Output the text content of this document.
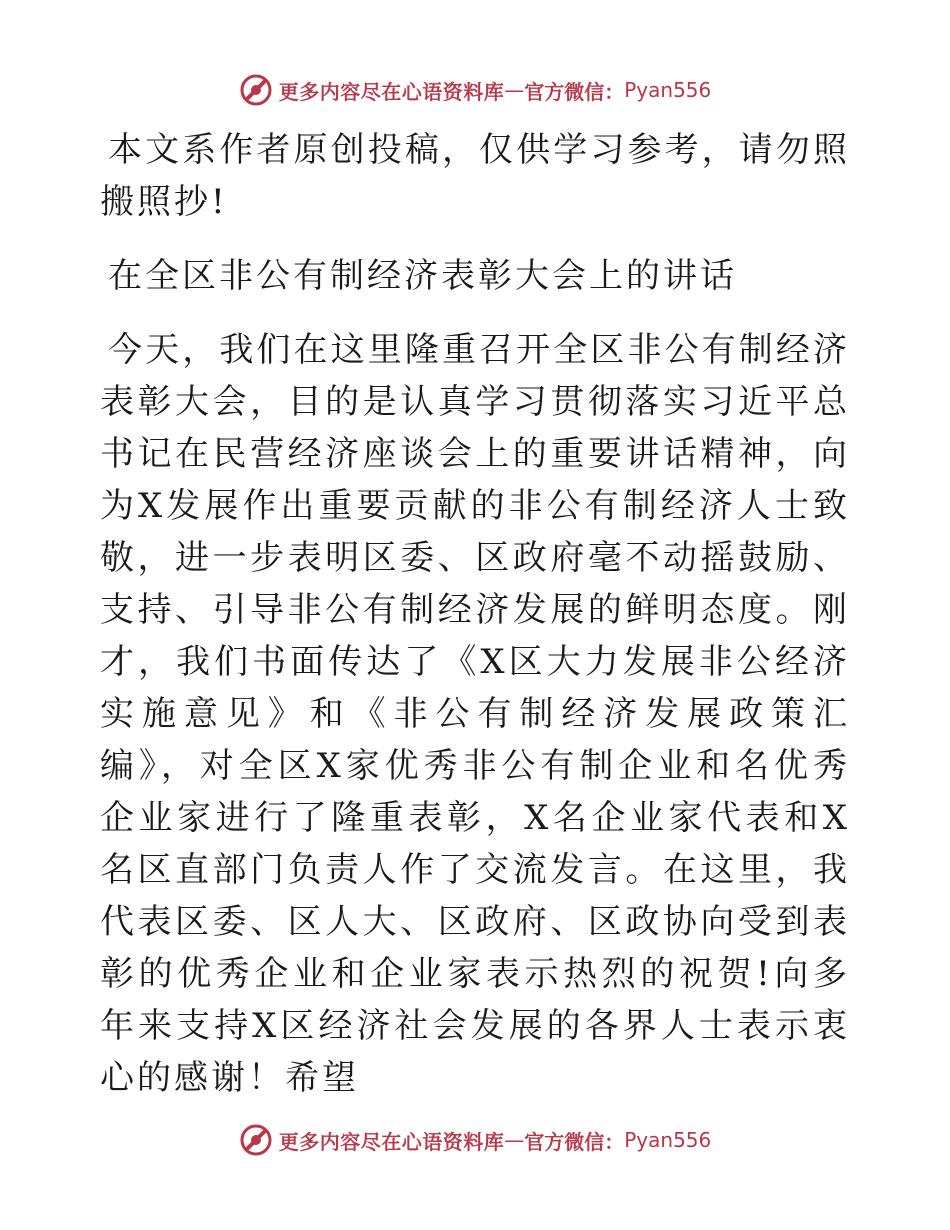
更多内容尽在心语资料库 — 官方微信： Pyan556

本文系作者原创投稿，仅供学习参考，请勿照搬照抄!

在全区非公有制经济表彰大会上的讲话

今天，我们在这里隆重召开全区非公有制经济表彰大会，目的是认真学习贯彻落实习近平总书记在民营经济座谈会上的重要讲话精神，向为X发展作出重要贡献的非公有制经济人士致敬，进一步表明区委、区政府毫不动摇鼓励、支持、引导非公有制经济发展的鲜明态度。刚才，我们书面传达了《X区大力发展非公经济实施意见》和《非公有制经济发展政策汇编》，对全区X家优秀非公有制企业和名优秀企业家进行了隆重表彰，X名企业家代表和X名区直部门负责人作了交流发言。在这里，我代表区委、区人大、区政府、区政协向受到表彰的优秀企业和企业家表示热烈的祝贺!向多年来支持X区经济社会发展的各界人士表示衷心的感谢！希望

更多内容尽在心语资料库 — 官方微信： Pyan556
